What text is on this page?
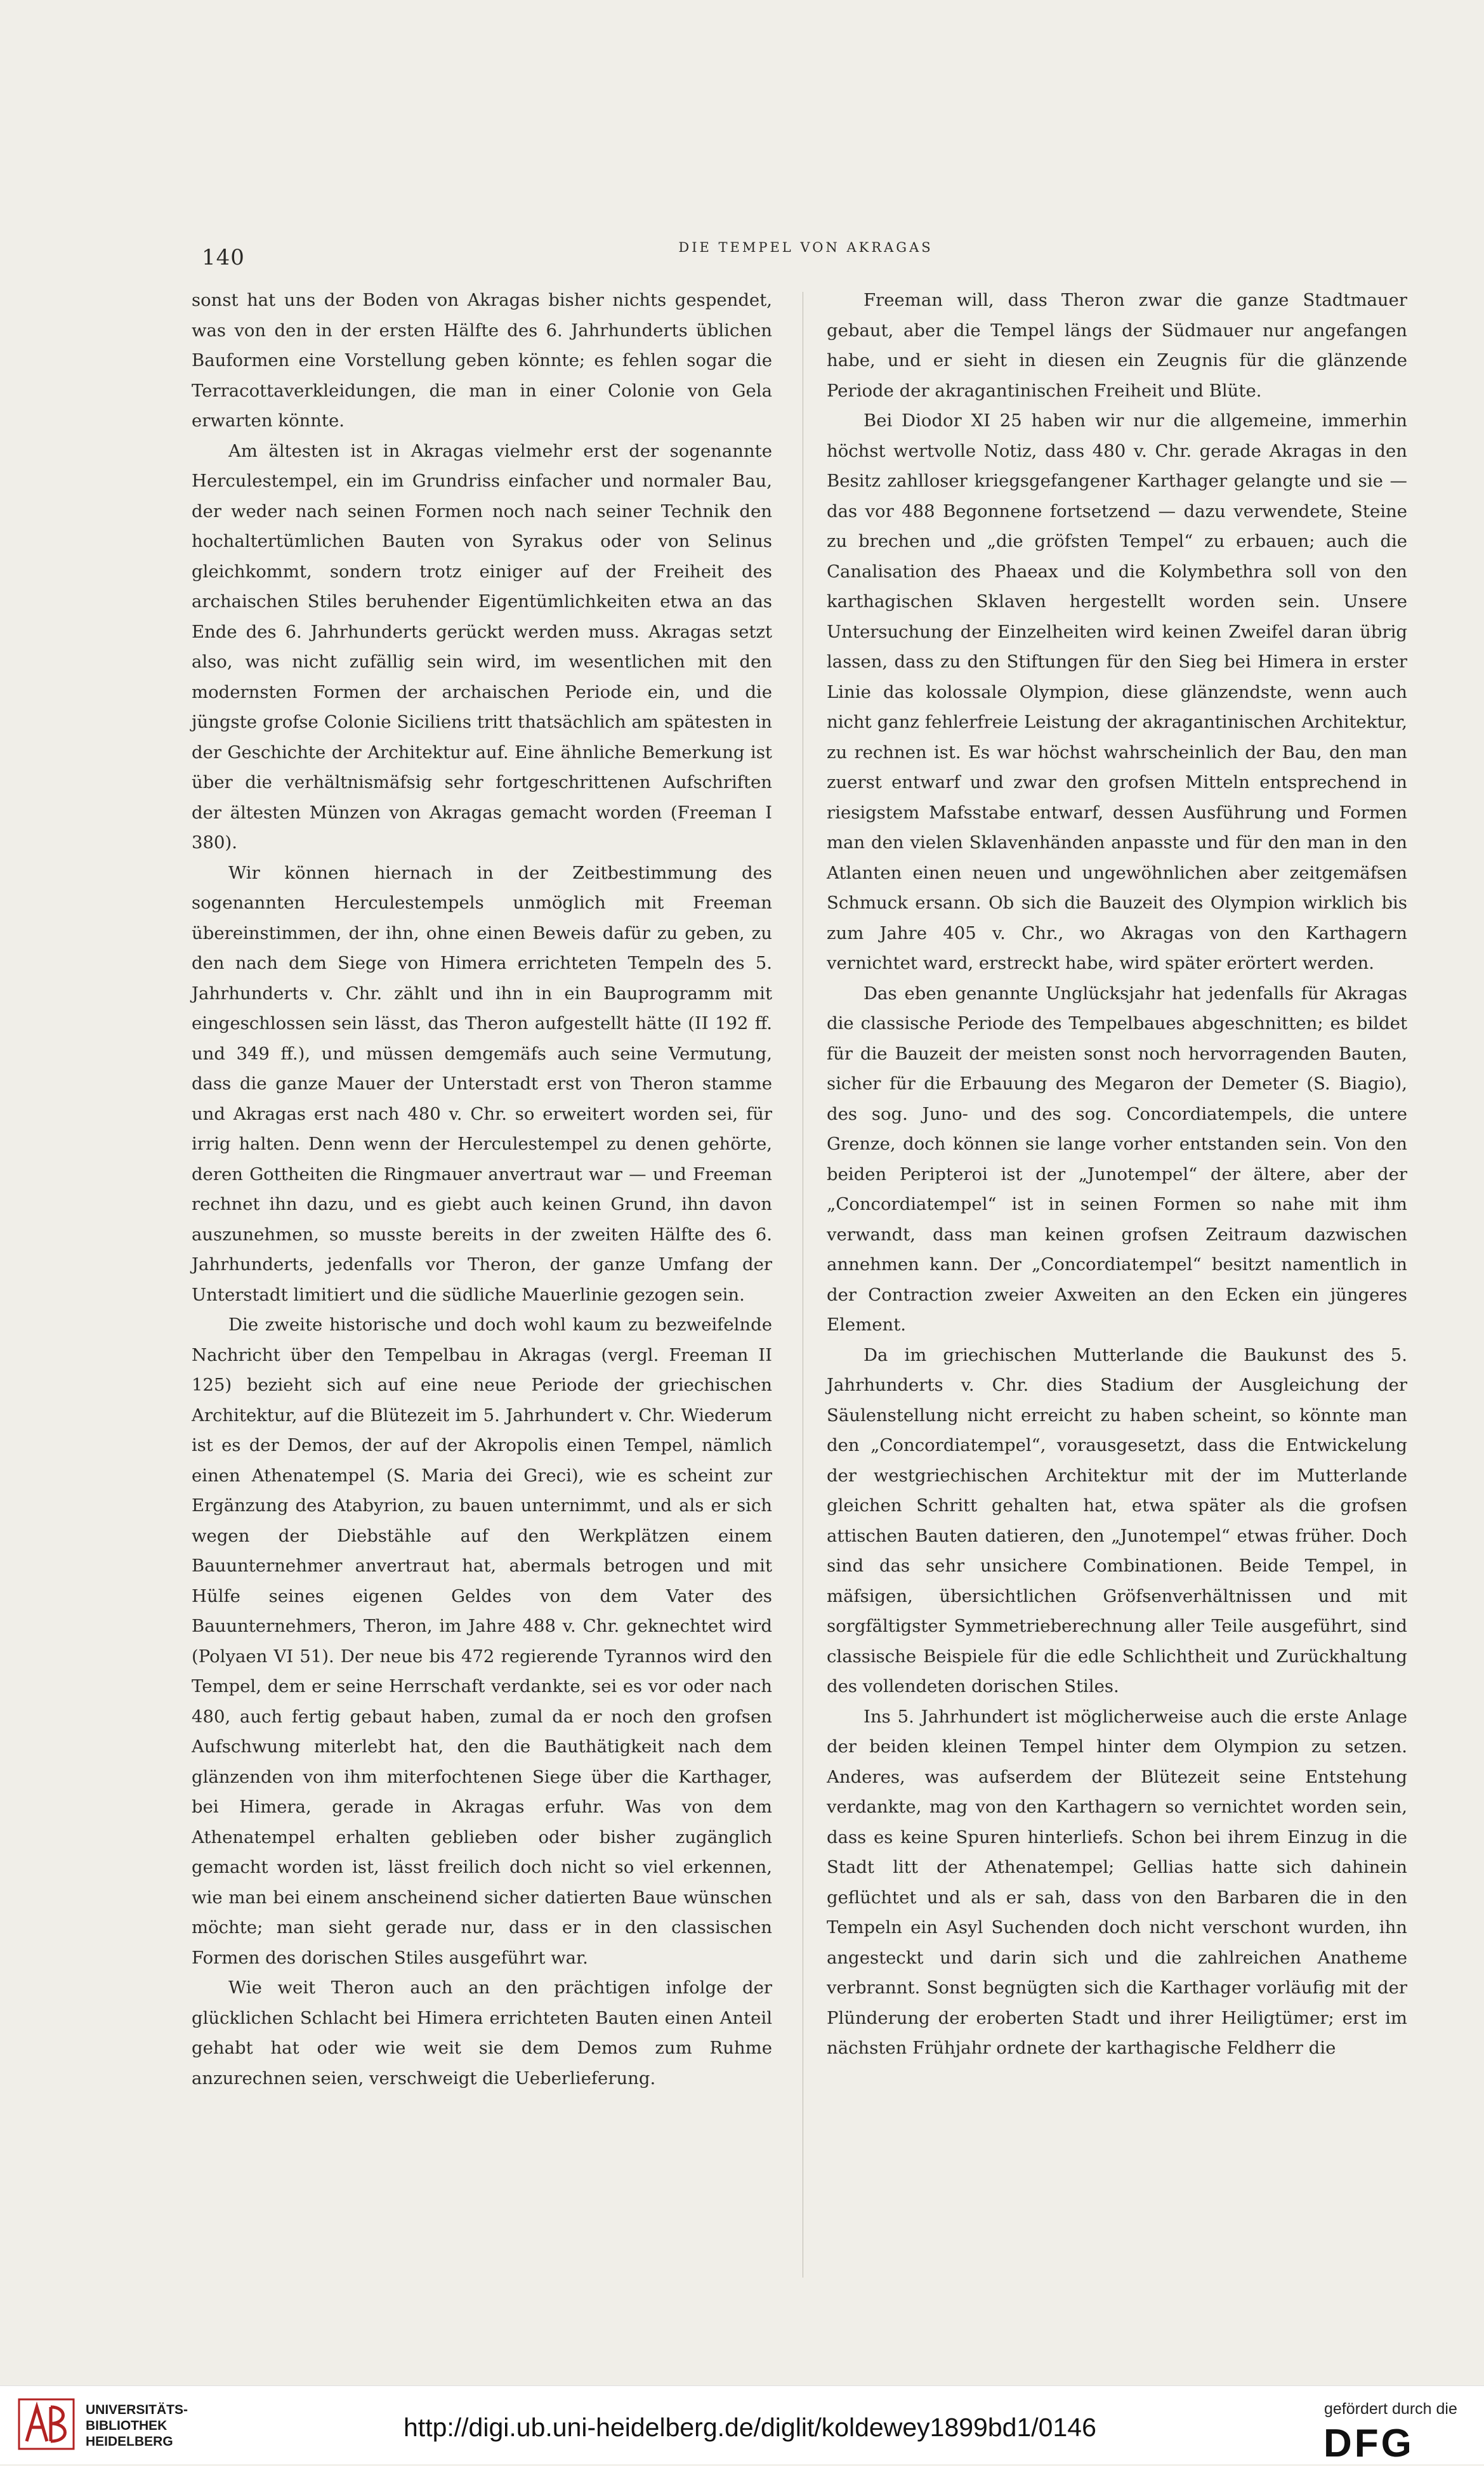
140	DIE TEMPEL VON AKRAGAS

sonst hat uns der Boden von Akragas bisher nichts gespendet, was von den in der ersten Hälfte des 6. Jahrhunderts üblichen Bauformen eine Vorstellung geben könnte; es fehlen sogar die Terracottaverkleidungen, die man in einer Colonie von Gela erwarten könnte.

Am ältesten ist in Akragas vielmehr erst der sogenannte Herculestempel, ein im Grundriss einfacher und normaler Bau, der weder nach seinen Formen noch nach seiner Technik den hochaltertümlichen Bauten von Syrakus oder von Selinus gleichkommt, sondern trotz einiger auf der Freiheit des archaischen Stiles beruhender Eigentümlichkeiten etwa an das Ende des 6. Jahrhunderts gerückt werden muss. Akragas setzt also, was nicht zufällig sein wird, im wesentlichen mit den modernsten Formen der archaischen Periode ein, und die jüngste grofse Colonie Siciliens tritt thatsächlich am spätesten in der Geschichte der Architektur auf. Eine ähnliche Bemerkung ist über die verhältnismäfsig sehr fortgeschrittenen Aufschriften der ältesten Münzen von Akragas gemacht worden (Freeman I 380).

Wir können hiernach in der Zeitbestimmung des sogenannten Herculestempels unmöglich mit Freeman übereinstimmen, der ihn, ohne einen Beweis dafür zu geben, zu den nach dem Siege von Himera errichteten Tempeln des 5. Jahrhunderts v. Chr. zählt und ihn in ein Bauprogramm mit eingeschlossen sein lässt, das Theron aufgestellt hätte (II 192 ff. und 349 ff.), und müssen demgemäfs auch seine Vermutung, dass die ganze Mauer der Unterstadt erst von Theron stamme und Akragas erst nach 480 v. Chr. so erweitert worden sei, für irrig halten. Denn wenn der Herculestempel zu denen gehörte, deren Gottheiten die Ringmauer anvertraut war — und Freeman rechnet ihn dazu, und es giebt auch keinen Grund, ihn davon auszunehmen, so musste bereits in der zweiten Hälfte des 6. Jahrhunderts, jedenfalls vor Theron, der ganze Umfang der Unterstadt limitiert und die südliche Mauerlinie gezogen sein.

Die zweite historische und doch wohl kaum zu bezweifelnde Nachricht über den Tempelbau in Akragas (vergl. Freeman II 125) bezieht sich auf eine neue Periode der griechischen Architektur, auf die Blütezeit im 5. Jahrhundert v. Chr. Wiederum ist es der Demos, der auf der Akropolis einen Tempel, nämlich einen Athenatempel (S. Maria dei Greci), wie es scheint zur Ergänzung des Atabyrion, zu bauen unternimmt, und als er sich wegen der Diebstähle auf den Werkplätzen einem Bauunternehmer anvertraut hat, abermals betrogen und mit Hülfe seines eigenen Geldes von dem Vater des Bauunternehmers, Theron, im Jahre 488 v. Chr. geknechtet wird (Polyaen VI 51). Der neue bis 472 regierende Tyrannos wird den Tempel, dem er seine Herrschaft verdankte, sei es vor oder nach 480, auch fertig gebaut haben, zumal da er noch den grofsen Aufschwung miterlebt hat, den die Bauthätigkeit nach dem glänzenden von ihm miterfochtenen Siege über die Karthager, bei Himera, gerade in Akragas erfuhr. Was von dem Athenatempel erhalten geblieben oder bisher zugänglich gemacht worden ist, lässt freilich doch nicht so viel erkennen, wie man bei einem anscheinend sicher datierten Baue wünschen möchte; man sieht gerade nur, dass er in den classischen Formen des dorischen Stiles ausgeführt war.

Wie weit Theron auch an den prächtigen infolge der glücklichen Schlacht bei Himera errichteten Bauten einen Anteil gehabt hat oder wie weit sie dem Demos zum Ruhme anzurechnen seien, verschweigt die Ueberlieferung.

Freeman will, dass Theron zwar die ganze Stadtmauer gebaut, aber die Tempel längs der Südmauer nur angefangen habe, und er sieht in diesen ein Zeugnis für die glänzende Periode der akragantinischen Freiheit und Blüte.

Bei Diodor XI 25 haben wir nur die allgemeine, immerhin höchst wertvolle Notiz, dass 480 v. Chr. gerade Akragas in den Besitz zahlloser kriegsgefangener Karthager gelangte und sie — das vor 488 Begonnene fortsetzend — dazu verwendete, Steine zu brechen und „die gröfsten Tempel“ zu erbauen; auch die Canalisation des Phaeax und die Kolymbethra soll von den karthagischen Sklaven hergestellt worden sein. Unsere Untersuchung der Einzelheiten wird keinen Zweifel daran übrig lassen, dass zu den Stiftungen für den Sieg bei Himera in erster Linie das kolossale Olympion, diese glänzendste, wenn auch nicht ganz fehlerfreie Leistung der akragantinischen Architektur, zu rechnen ist. Es war höchst wahrscheinlich der Bau, den man zuerst entwarf und zwar den grofsen Mitteln entsprechend in riesigstem Mafsstabe entwarf, dessen Ausführung und Formen man den vielen Sklavenhänden anpasste und für den man in den Atlanten einen neuen und ungewöhnlichen aber zeitgemäfsen Schmuck ersann. Ob sich die Bauzeit des Olympion wirklich bis zum Jahre 405 v. Chr., wo Akragas von den Karthagern vernichtet ward, erstreckt habe, wird später erörtert werden.

Das eben genannte Unglücksjahr hat jedenfalls für Akragas die classische Periode des Tempelbaues abgeschnitten; es bildet für die Bauzeit der meisten sonst noch hervorragenden Bauten, sicher für die Erbauung des Megaron der Demeter (S. Biagio), des sog. Juno- und des sog. Concordiatempels, die untere Grenze, doch können sie lange vorher entstanden sein. Von den beiden Peripteroi ist der „Junotempel“ der ältere, aber der „Concordiatempel“ ist in seinen Formen so nahe mit ihm verwandt, dass man keinen grofsen Zeitraum dazwischen annehmen kann. Der „Concordiatempel“ besitzt namentlich in der Contraction zweier Axweiten an den Ecken ein jüngeres Element.

Da im griechischen Mutterlande die Baukunst des 5. Jahrhunderts v. Chr. dies Stadium der Ausgleichung der Säulenstellung nicht erreicht zu haben scheint, so könnte man den „Concordiatempel“, vorausgesetzt, dass die Entwickelung der westgriechischen Architektur mit der im Mutterlande gleichen Schritt gehalten hat, etwa später als die grofsen attischen Bauten datieren, den „Junotempel“ etwas früher. Doch sind das sehr unsichere Combinationen. Beide Tempel, in mäfsigen, übersichtlichen Gröfsenverhältnissen und mit sorgfältigster Symmetrieberechnung aller Teile ausgeführt, sind classische Beispiele für die edle Schlichtheit und Zurückhaltung des vollendeten dorischen Stiles.

Ins 5. Jahrhundert ist möglicherweise auch die erste Anlage der beiden kleinen Tempel hinter dem Olympion zu setzen. Anderes, was aufserdem der Blütezeit seine Entstehung verdankte, mag von den Karthagern so vernichtet worden sein, dass es keine Spuren hinterliefs. Schon bei ihrem Einzug in die Stadt litt der Athenatempel; Gellias hatte sich dahinein geflüchtet und als er sah, dass von den Barbaren die in den Tempeln ein Asyl Suchenden doch nicht verschont wurden, ihn angesteckt und darin sich und die zahlreichen Anatheme verbrannt. Sonst begnügten sich die Karthager vorläufig mit der Plünderung der eroberten Stadt und ihrer Heiligtümer; erst im nächsten Frühjahr ordnete der karthagische Feldherr die

UNIVERSITÄTS-
BIBLIOTHEK
HEIDELBERG	http://digi.ub.uni-heidelberg.de/diglit/koldewey1899bd1/0146
gefördert durch die
DFG
